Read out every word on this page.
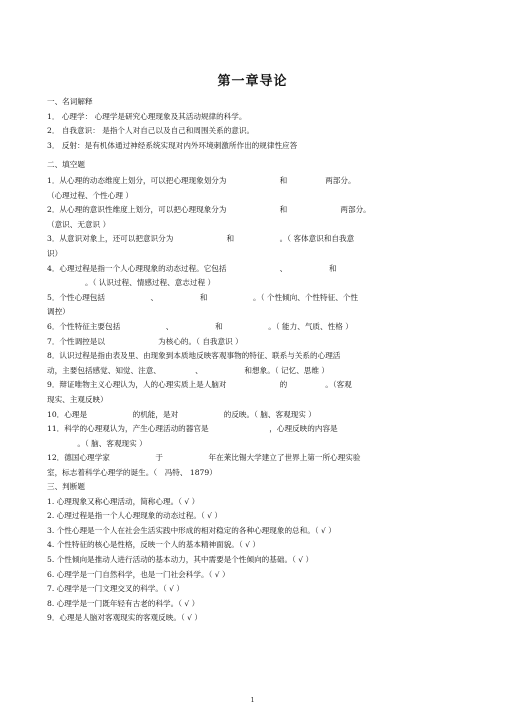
第一章导论
一、名词解释
1． 心理学： 心理学是研究心理现象及其活动规律的科学。
2． 自我意识： 是指个人对自己以及自己和周围关系的意识。
3． 反射：是有机体通过神经系统实现对内外环境刺激所作出的规律性应答
二、填空题
1．从心理的动态维度上划分，可以把心理现象划分为　　　　　　　和　　　　　两部分。
（心理过程、个性心理 ）
2．从心理的意识性维度上划分，可以把心理现象分为　　　　　　　和　　　　　　　两部分。
（意识、无意识 ）
3．从意识对象上，还可以把意识分为　　　　　　　和　　　　　　。（ 客体意识和自我意
识）
4．心理过程是指一个人心理现象的动态过程。它包括　　　　　　　、　　　　　　和
　　　　　。（ 认识过程、情感过程、意志过程 ）
5．个性心理包括　　　　　　、　　　　　　和　　　　　　。（ 个性倾向、个性特征、个性
调控）
6．个性特征主要包括　　　　　　、　　　　　　和　　　　　　。（ 能力、气质、性格 ）
7．个性调控是以　　　　　　　为核心的。（ 自我意识 ）
8．认识过程是指由表及里、由现象到本质地反映客观事物的特征、联系与关系的心理活
动，主要包括感觉、知觉、注意、　　　　　、　　　　　　和想象。（ 记忆、思维 ）
9．辩证唯物主义心理认为，人的心理实质上是人脑对　　　　　　　的　　　　　。（客观
现实、主观反映）
10．心理是　　　　　　的机能，是对　　　　　　的反映。（ 脑、客观现实 ）
11．科学的心理观认为，产生心理活动的器官是　　　　　　　　，心理反映的内容是
　　　　。（ 脑、客观现实 ）
12．德国心理学家　　　　　　于　　　　　　年在莱比锡大学建立了世界上第一所心理实验
室，标志着科学心理学的诞生。（　冯特、 1879）
三、判断题
1. 心理现象又称心理活动，简称心理。（ √ ）
2. 心理过程是指一个人心理现象的动态过程。（ √ ）
3. 个性心理是一个人在社会生活实践中形成的相对稳定的各种心理现象的总和。（ √ ）
4. 个性特征的核心是性格，反映一个人的基本精神面貌。（ √ ）
5. 个性倾向是推动人进行活动的基本动力，其中需要是个性倾向的基础。（ √ ）
6. 心理学是一门自然科学，也是一门社会科学。（ √ ）
7. 心理学是一门文理交叉的科学。（ √ ）
8. 心理学是一门既年轻有古老的科学。（ √ ）
9．心理是人脑对客观现实的客观反映。（ √ ）
1
